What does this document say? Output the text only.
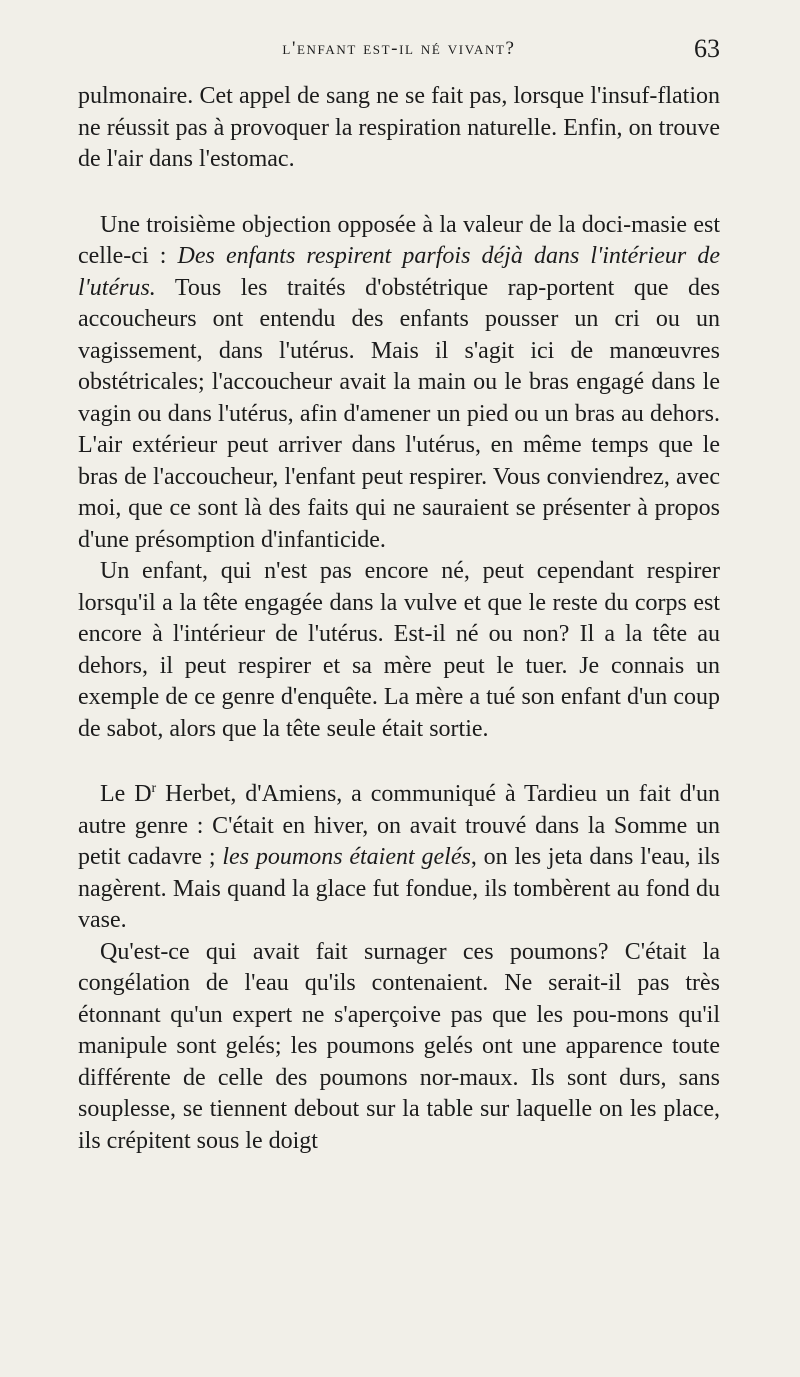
l'enfant est-il né vivant?	63

pulmonaire. Cet appel de sang ne se fait pas, lorsque l'insuf-flation ne réussit pas à provoquer la respiration naturelle. Enfin, on trouve de l'air dans l'estomac.

Une troisième objection opposée à la valeur de la doci-masie est celle-ci : Des enfants respirent parfois déjà dans l'intérieur de l'utérus. Tous les traités d'obstétrique rap-portent que des accoucheurs ont entendu des enfants pousser un cri ou un vagissement, dans l'utérus. Mais il s'agit ici de manœuvres obstétricales; l'accoucheur avait la main ou le bras engagé dans le vagin ou dans l'utérus, afin d'amener un pied ou un bras au dehors. L'air extérieur peut arriver dans l'utérus, en même temps que le bras de l'accoucheur, l'enfant peut respirer. Vous conviendrez, avec moi, que ce sont là des faits qui ne sauraient se présenter à propos d'une présomption d'infanticide.

Un enfant, qui n'est pas encore né, peut cependant respirer lorsqu'il a la tête engagée dans la vulve et que le reste du corps est encore à l'intérieur de l'utérus. Est-il né ou non? Il a la tête au dehors, il peut respirer et sa mère peut le tuer. Je connais un exemple de ce genre d'enquête. La mère a tué son enfant d'un coup de sabot, alors que la tête seule était sortie.

Le $D^r$ Herbet, d'Amiens, a communiqué à Tardieu un fait d'un autre genre : C'était en hiver, on avait trouvé dans la Somme un petit cadavre ; les poumons étaient gelés, on les jeta dans l'eau, ils nagèrent. Mais quand la glace fut fondue, ils tombèrent au fond du vase.

Qu'est-ce qui avait fait surnager ces poumons? C'était la congélation de l'eau qu'ils contenaient. Ne serait-il pas très étonnant qu'un expert ne s'aperçoive pas que les pou-mons qu'il manipule sont gelés; les poumons gelés ont une apparence toute différente de celle des poumons nor-maux. Ils sont durs, sans souplesse, se tiennent debout sur la table sur laquelle on les place, ils crépitent sous le doigt
